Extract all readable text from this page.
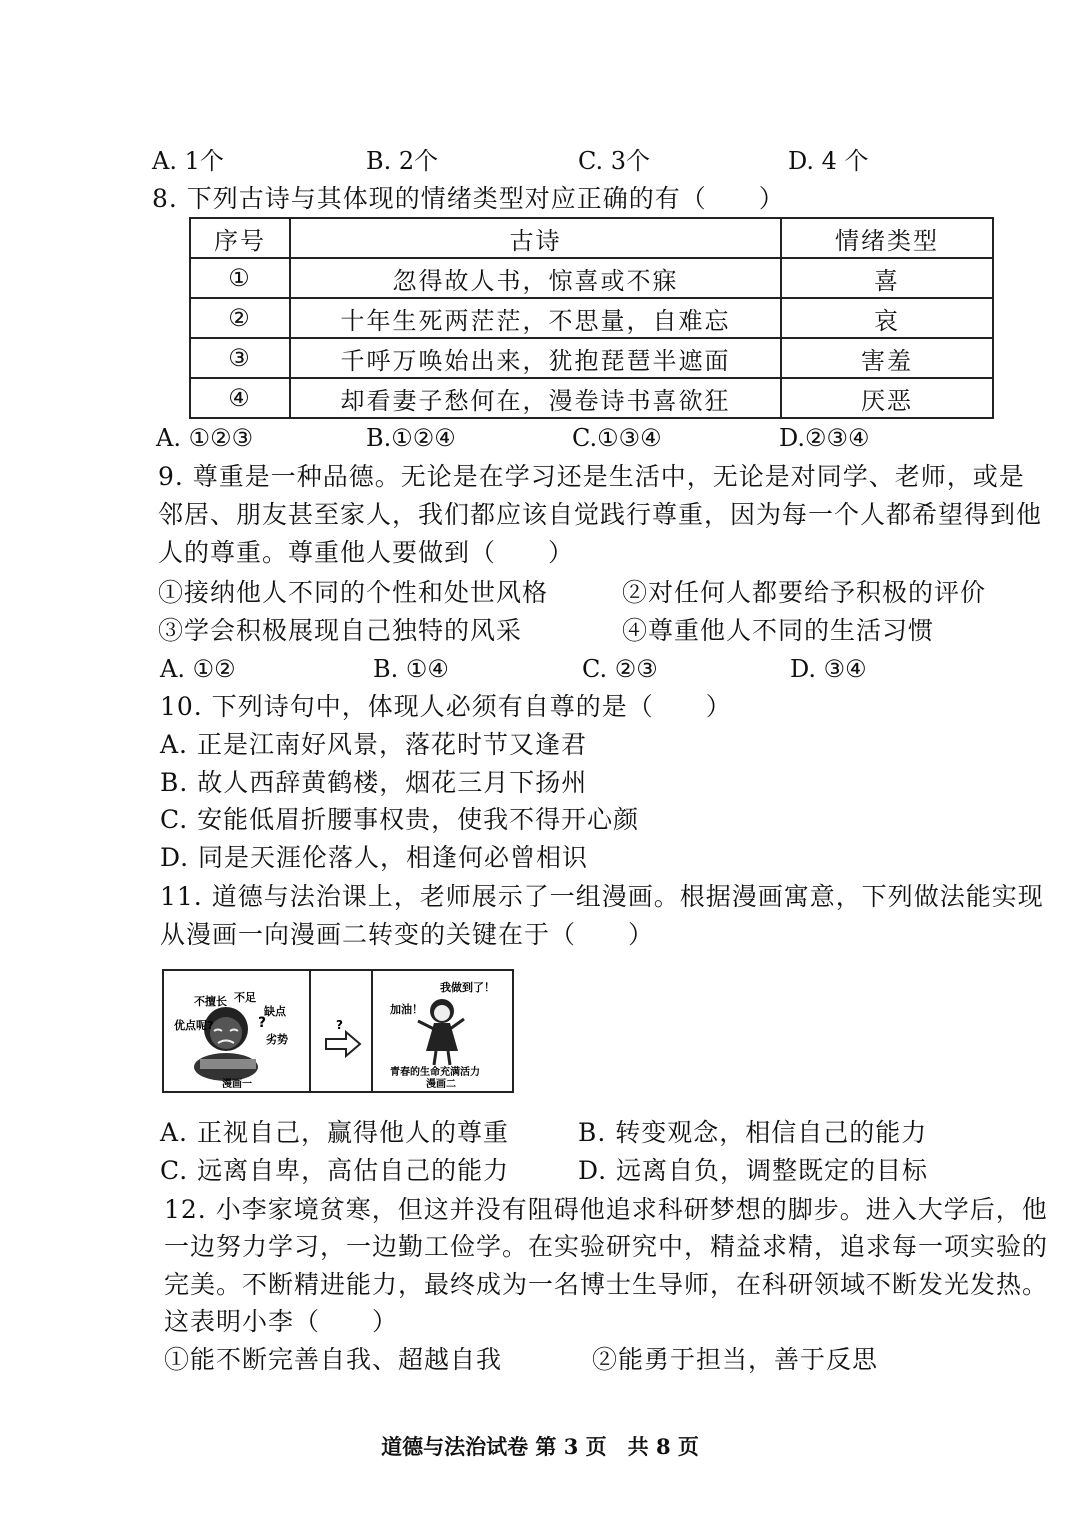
A. 1个	B. 2个	C. 3个	D. 4 个
8. 下列古诗与其体现的情绪类型对应正确的有（　　）
序号	古诗	情绪类型
①	忽得故人书，惊喜或不寐	喜
②	十年生死两茫茫，不思量，自难忘	哀
③	千呼万唤始出来，犹抱琵琶半遮面	害羞
④	却看妻子愁何在，漫卷诗书喜欲狂	厌恶
A. ①②③	B.①②④	C.①③④	D.②③④
9. 尊重是一种品德。无论是在学习还是生活中，无论是对同学、老师，或是
邻居、朋友甚至家人，我们都应该自觉践行尊重，因为每一个人都希望得到他
人的尊重。尊重他人要做到（　　）
①接纳他人不同的个性和处世风格	②对任何人都要给予积极的评价
③学会积极展现自己独特的风采	④尊重他人不同的生活习惯
A. ①②	B. ①④	C. ②③	D. ③④
10. 下列诗句中，体现人必须有自尊的是（　　）
A. 正是江南好风景，落花时节又逢君
B. 故人西辞黄鹤楼，烟花三月下扬州
C. 安能低眉折腰事权贵，使我不得开心颜
D. 同是天涯伦落人，相逢何必曾相识
11. 道德与法治课上，老师展示了一组漫画。根据漫画寓意，下列做法能实现
从漫画一向漫画二转变的关键在于（　　）
不擅长 不足
缺点
优点呢?
劣势
?
漫画一
?
我做到了！
加油！
青春的生命充满活力
漫画二
A. 正视自己，赢得他人的尊重	B. 转变观念，相信自己的能力
C. 远离自卑，高估自己的能力	D. 远离自负，调整既定的目标
12. 小李家境贫寒，但这并没有阻碍他追求科研梦想的脚步。进入大学后，他
一边努力学习，一边勤工俭学。在实验研究中，精益求精，追求每一项实验的
完美。不断精进能力，最终成为一名博士生导师，在科研领域不断发光发热。
这表明小李（　　）
①能不断完善自我、超越自我	②能勇于担当，善于反思
道德与法治试卷 第 3 页　共 8 页
